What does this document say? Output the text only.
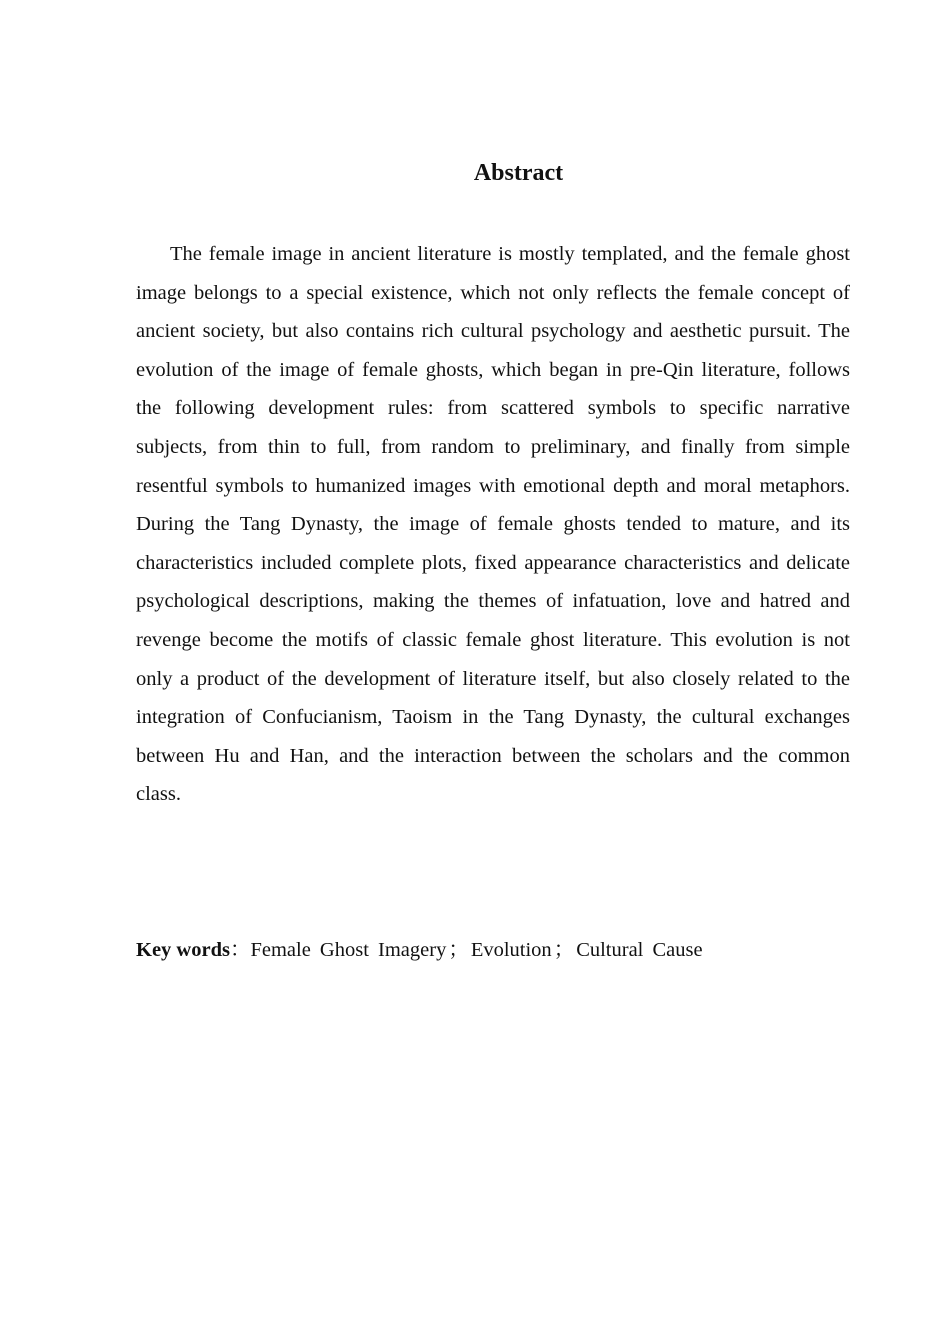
Abstract

The female image in ancient literature is mostly templated, and the female ghost image belongs to a special existence, which not only reflects the female concept of ancient society, but also contains rich cultural psychology and aesthetic pursuit. The evolution of the image of female ghosts, which began in pre-Qin literature, follows the following development rules: from scattered symbols to specific narrative subjects, from thin to full, from random to preliminary, and finally from simple resentful symbols to humanized images with emotional depth and moral metaphors. During the Tang Dynasty, the image of female ghosts tended to mature, and its characteristics included complete plots, fixed appearance characteristics and delicate psychological descriptions, making the themes of infatuation, love and hatred and revenge become the motifs of classic female ghost literature. This evolution is not only a product of the development of literature itself, but also closely related to the integration of Confucianism, Taoism in the Tang Dynasty, the cultural exchanges between Hu and Han, and the interaction between the scholars and the common class.

Key words：Female Ghost Imagery；Evolution；Cultural Cause
